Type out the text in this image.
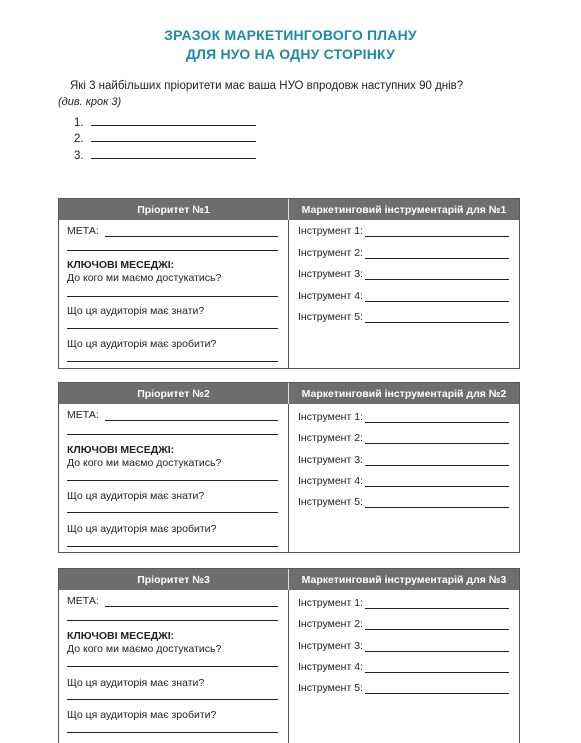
ЗРАЗОК МАРКЕТИНГОВОГО ПЛАНУ
ДЛЯ НУО НА ОДНУ СТОРІНКУ
Які 3 найбільших пріоритети має ваша НУО впродовж наступних 90 днів?
(див. крок 3)
1.
2.
3.
Пріоритет №1	Маркетинговий інструментарій для №1
МЕТА:
КЛЮЧОВІ МЕСЕДЖІ:
До кого ми маємо достукатись?
Що ця аудиторія має знати?
Що ця аудиторія має зробити?
Інструмент 1:
Інструмент 2:
Інструмент 3:
Інструмент 4:
Інструмент 5:
Пріоритет №2	Маркетинговий інструментарій для №2
МЕТА:
КЛЮЧОВІ МЕСЕДЖІ:
До кого ми маємо достукатись?
Що ця аудиторія має знати?
Що ця аудиторія має зробити?
Інструмент 1:
Інструмент 2:
Інструмент 3:
Інструмент 4:
Інструмент 5:
Пріоритет №3	Маркетинговий інструментарій для №3
МЕТА:
КЛЮЧОВІ МЕСЕДЖІ:
До кого ми маємо достукатись?
Що ця аудиторія має знати?
Що ця аудиторія має зробити?
Інструмент 1:
Інструмент 2:
Інструмент 3:
Інструмент 4:
Інструмент 5:
